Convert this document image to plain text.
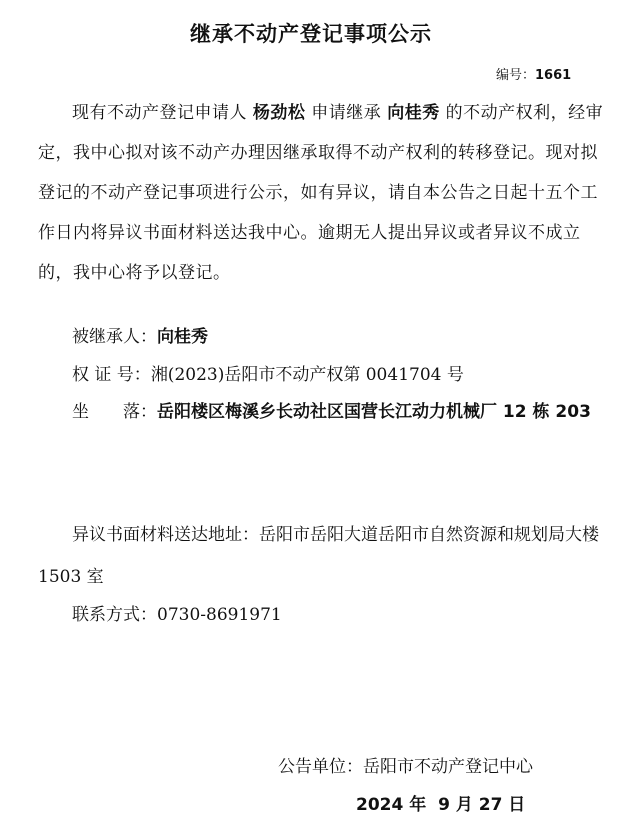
继承不动产登记事项公示
编号：1661

现有不动产登记申请人 杨劲松 申请继承 向桂秀 的不动产权利，经审定，我中心拟对该不动产办理因继承取得不动产权利的转移登记。现对拟登记的不动产登记事项进行公示，如有异议，请自本公告之日起十五个工作日内将异议书面材料送达我中心。逾期无人提出异议或者异议不成立的，我中心将予以登记。

被继承人：向桂秀
权 证 号：湘(2023)岳阳市不动产权第 0041704 号
坐　　落：岳阳楼区梅溪乡长动社区国营长江动力机械厂 12 栋 203
异议书面材料送达地址：岳阳市岳阳大道岳阳市自然资源和规划局大楼 1503 室
联系方式：0730-8691971
公告单位：岳阳市不动产登记中心
2024 年  9 月 27 日
